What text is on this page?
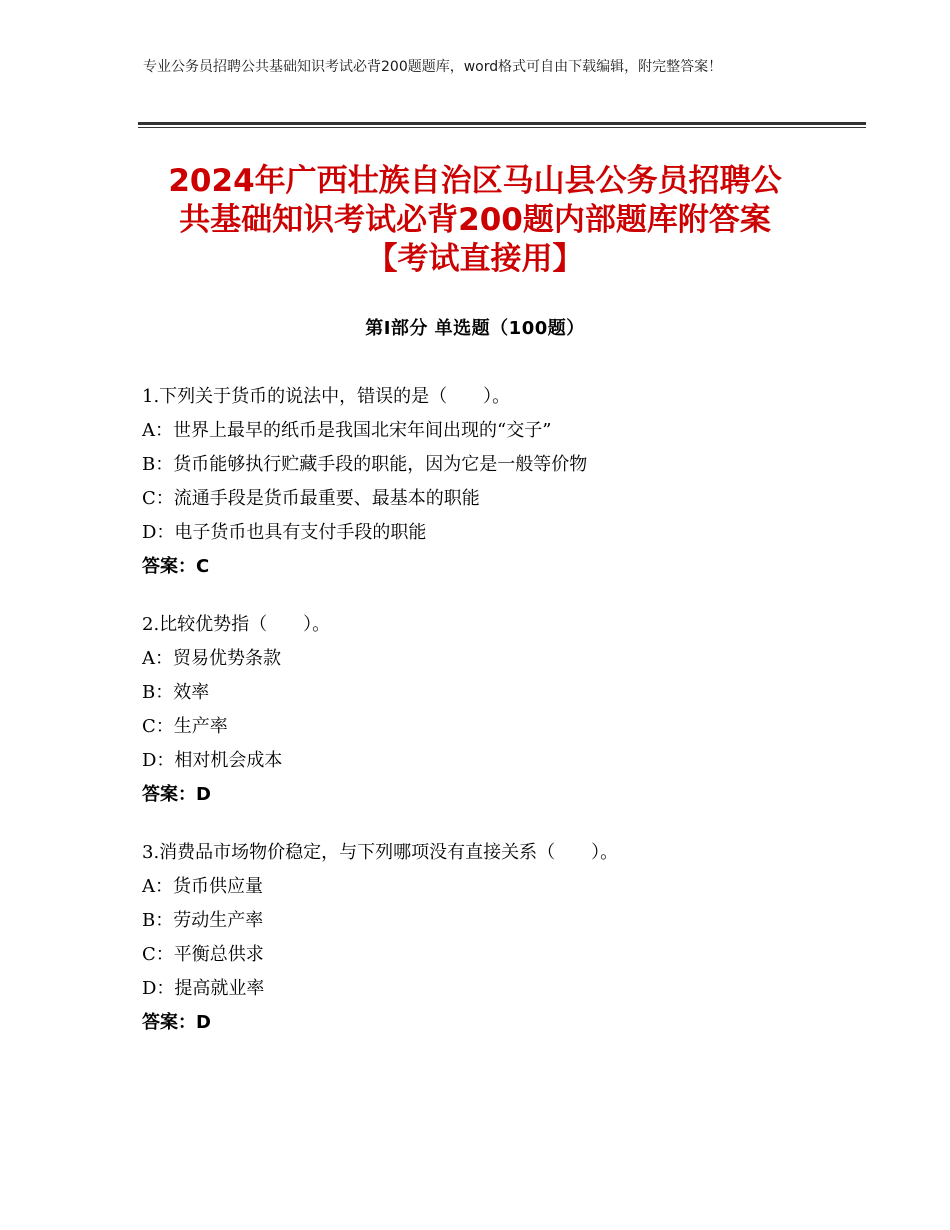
专业公务员招聘公共基础知识考试必背200题题库，word格式可自由下载编辑，附完整答案！
2024年广西壮族自治区马山县公务员招聘公
共基础知识考试必背200题内部题库附答案
【考试直接用】
第Ⅰ部分 单选题（100题）
1.下列关于货币的说法中，错误的是（　　）。
A：世界上最早的纸币是我国北宋年间出现的“交子”
B：货币能够执行贮藏手段的职能，因为它是一般等价物
C：流通手段是货币最重要、最基本的职能
D：电子货币也具有支付手段的职能
答案：C
2.比较优势指（　　）。
A：贸易优势条款
B：效率
C：生产率
D：相对机会成本
答案：D
3.消费品市场物价稳定，与下列哪项没有直接关系（　　）。
A：货币供应量
B：劳动生产率
C：平衡总供求
D：提高就业率
答案：D
